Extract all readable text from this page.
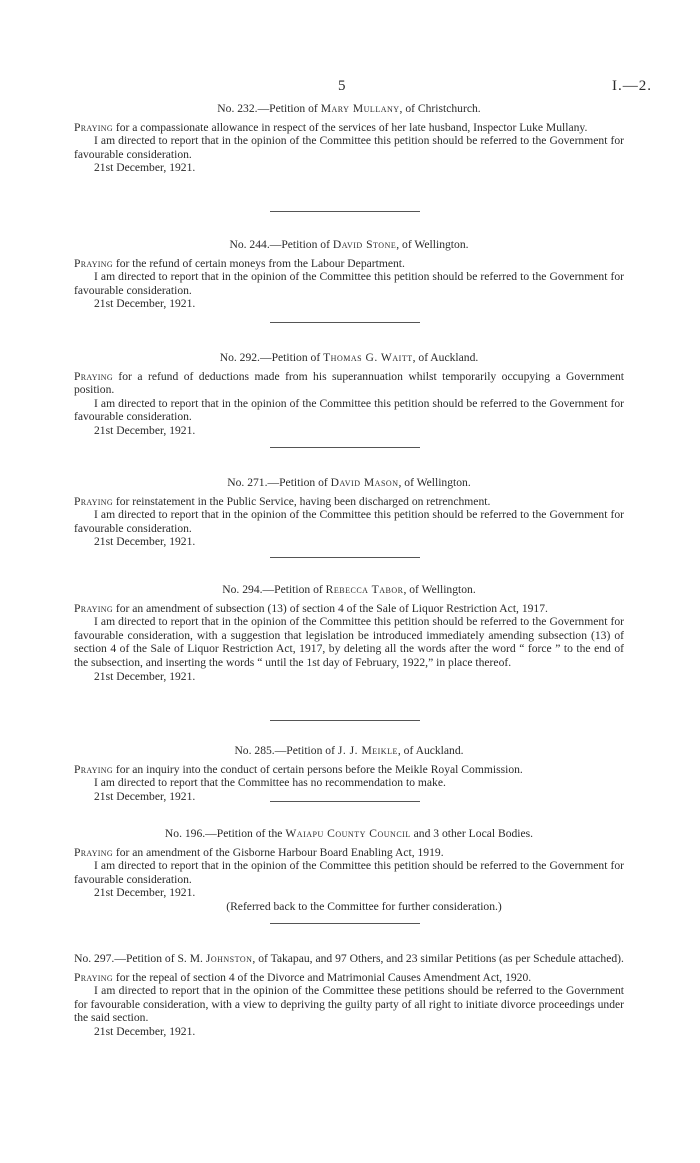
5	I.—2.

No. 232.—Petition of Mary Mullany, of Christchurch.

Praying for a compassionate allowance in respect of the services of her late husband, Inspector Luke Mullany.

I am directed to report that in the opinion of the Committee this petition should be referred to the Government for favourable consideration.

21st December, 1921.

No. 244.—Petition of David Stone, of Wellington.

Praying for the refund of certain moneys from the Labour Department.

I am directed to report that in the opinion of the Committee this petition should be referred to the Government for favourable consideration.

21st December, 1921.

No. 292.—Petition of Thomas G. Waitt, of Auckland.

Praying for a refund of deductions made from his superannuation whilst temporarily occupying a Government position.

I am directed to report that in the opinion of the Committee this petition should be referred to the Government for favourable consideration.

21st December, 1921.

No. 271.—Petition of David Mason, of Wellington.

Praying for reinstatement in the Public Service, having been discharged on retrenchment.

I am directed to report that in the opinion of the Committee this petition should be referred to the Government for favourable consideration.

21st December, 1921.

No. 294.—Petition of Rebecca Tabor, of Wellington.

Praying for an amendment of subsection (13) of section 4 of the Sale of Liquor Restriction Act, 1917.

I am directed to report that in the opinion of the Committee this petition should be referred to the Government for favourable consideration, with a suggestion that legislation be introduced immediately amending subsection (13) of section 4 of the Sale of Liquor Restriction Act, 1917, by deleting all the words after the word “ force ” to the end of the subsection, and inserting the words “ until the 1st day of February, 1922,” in place thereof.

21st December, 1921.

No. 285.—Petition of J. J. Meikle, of Auckland.

Praying for an inquiry into the conduct of certain persons before the Meikle Royal Commission.

I am directed to report that the Committee has no recommendation to make.

21st December, 1921.

No. 196.—Petition of the Waiapu County Council and 3 other Local Bodies.

Praying for an amendment of the Gisborne Harbour Board Enabling Act, 1919.

I am directed to report that in the opinion of the Committee this petition should be referred to the Government for favourable consideration.

21st December, 1921.

(Referred back to the Committee for further consideration.)

No. 297.—Petition of S. M. Johnston, of Takapau, and 97 Others, and 23 similar Petitions (as per Schedule attached).

Praying for the repeal of section 4 of the Divorce and Matrimonial Causes Amendment Act, 1920.

I am directed to report that in the opinion of the Committee these petitions should be referred to the Government for favourable consideration, with a view to depriving the guilty party of all right to initiate divorce proceedings under the said section.

21st December, 1921.
